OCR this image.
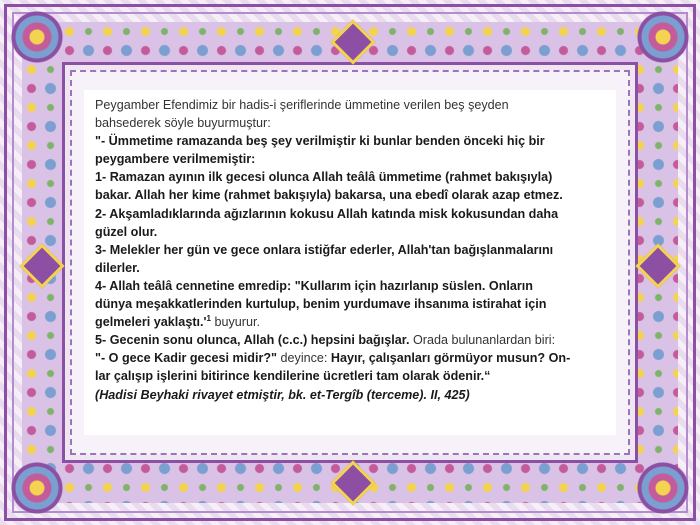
Peygamber Efendimiz bir hadis-i şeriflerinde ümmetine verilen beş şeyden

bahsederek söyle buyurmuştur:

"- Ümmetime ramazanda beş şey verilmiştir ki bunlar benden önceki hiç bir

peygambere verilmemiştir:

1- Ramazan ayının ilk gecesi olunca Allah teâlâ ümmetime (rahmet bakışıyla)

bakar. Allah her kime (rahmet bakışıyla) bakarsa, una ebedî olarak azap etmez.

2- Akşamladıklarında ağızlarının kokusu Allah katında misk kokusundan daha

güzel olur.

3- Melekler her gün ve gece onlara istiğfar ederler, Allah'tan bağışlanmalarını

dilerler.

4- Allah teâlâ cennetine emredip: "Kullarım için hazırlanıp süslen. Onların

dünya meşakkatlerinden kurtulup, benim yurdumave ihsanıma istirahat için

gelmeleri $yaklaştı.'^1$ buyurur.

5- Gecenin sonu olunca, Allah (c.c.) hepsini bağışlar. Orada bulunanlardan biri:

"- O gece Kadir gecesi midir?" deyince: Hayır, çalışanları görmüyor musun? On-

lar çalışıp işlerini bitirince kendilerine ücretleri tam olarak ödenir.“

(Hadisi Beyhaki rivayet etmiştir, bk. et-Tergîb (terceme). II, 425)
